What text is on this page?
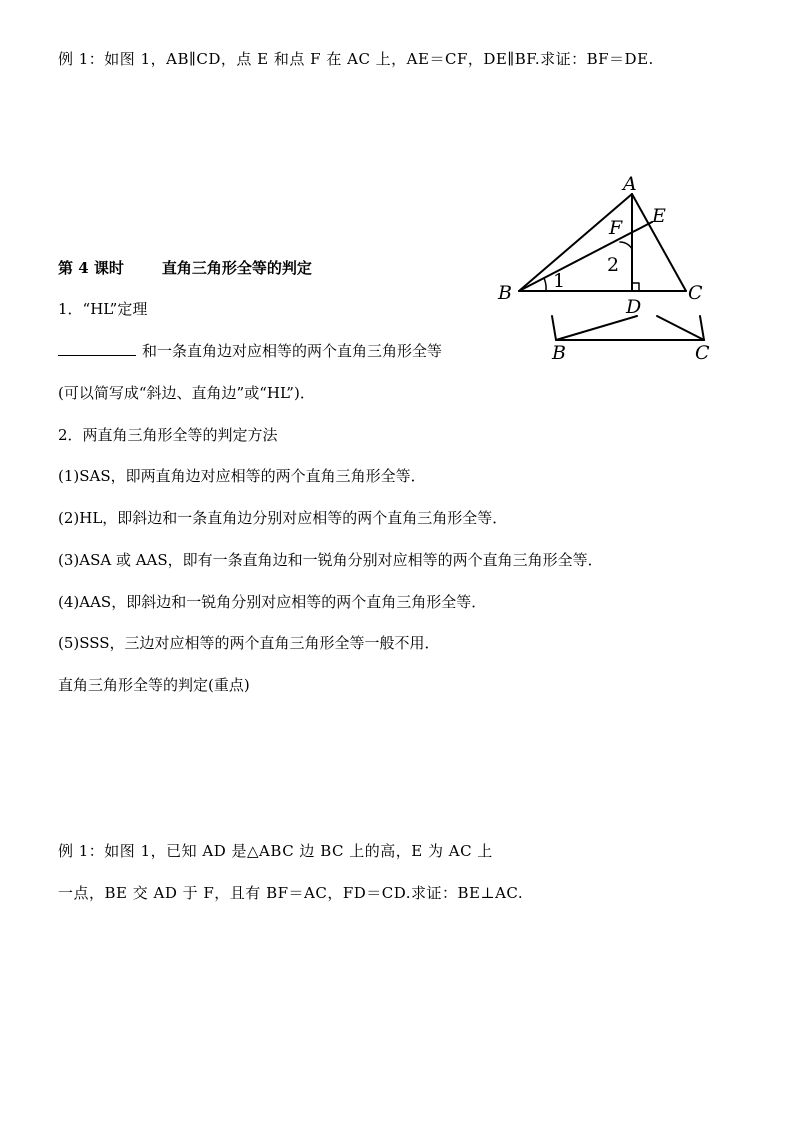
例 1：如图 1，AB∥CD，点 E 和点 F 在 AC 上，AE＝CF，DE∥BF.求证：BF＝DE.
第 4 课时	直角三角形全等的判定
1．“HL”定理
和一条直角边对应相等的两个直角三角形全等
(可以简写成“斜边、直角边”或“HL”)．
2．两直角三角形全等的判定方法
(1)SAS，即两直角边对应相等的两个直角三角形全等．
(2)HL，即斜边和一条直角边分别对应相等的两个直角三角形全等．
(3)ASA 或 AAS，即有一条直角边和一锐角分别对应相等的两个直角三角形全等．
(4)AAS，即斜边和一锐角分别对应相等的两个直角三角形全等．
(5)SSS，三边对应相等的两个直角三角形全等一般不用．
直角三角形全等的判定(重点)
例 1：如图 1，已知 AD 是△ABC 边 BC 上的高，E 为 AC 上
一点，BE 交 AD 于 F，且有 BF＝AC，FD＝CD.求证：BE⊥AC.
A
B	C
D
E
F
1
2
B	C
